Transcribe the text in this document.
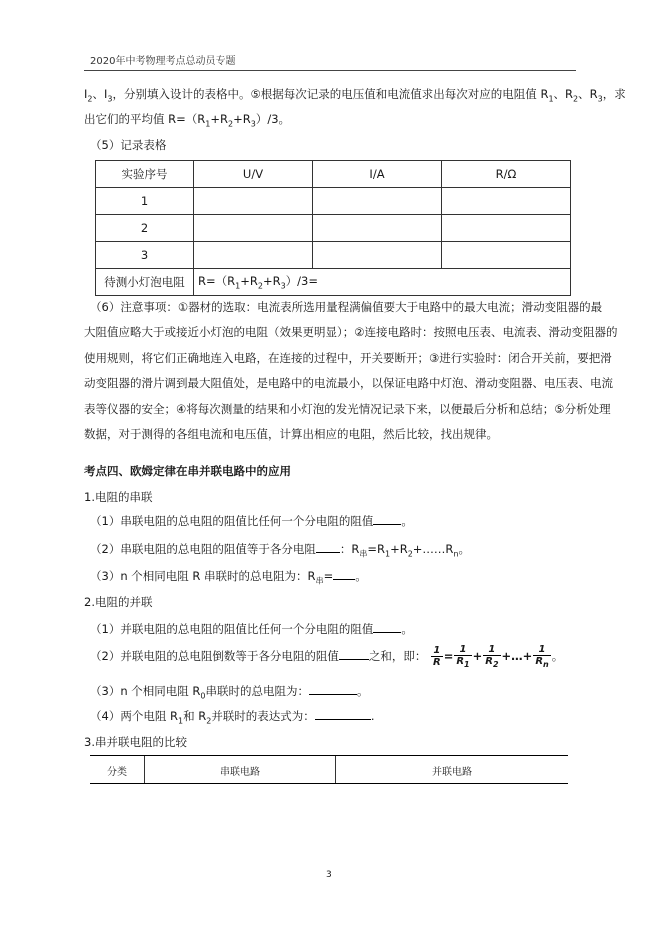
2020年中考物理考点总动员专题
$I_2$、$I_3$，分别填入设计的表格中。⑤根据每次记录的电压值和电流值求出每次对应的电阻值 $R_1$、$R_2$、$R_3$，求
出它们的平均值 $R=(R_1+R_2+R_3)/3$。
（5）记录表格
实验序号	U/V	I/A	R/Ω
1			
2			
3			
待测小灯泡电阻	$R=(R_1+R_2+R_3)/3=$		
（6）注意事项：①器材的选取：电流表所选用量程满偏值要大于电路中的最大电流；滑动变阻器的最
大阻值应略大于或接近小灯泡的电阻（效果更明显）；②连接电路时：按照电压表、电流表、滑动变阻器的
使用规则，将它们正确地连入电路，在连接的过程中，开关要断开；③进行实验时：闭合开关前，要把滑
动变阻器的滑片调到最大阻值处，是电路中的电流最小，以保证电路中灯泡、滑动变阻器、电压表、电流
表等仪器的安全；④将每次测量的结果和小灯泡的发光情况记录下来，以便最后分析和总结；⑤分析处理
数据，对于测得的各组电流和电压值，计算出相应的电阻，然后比较，找出规律。
考点四、欧姆定律在串并联电路中的应用
1.电阻的串联
（1）串联电阻的总电阻的阻值比任何一个分电阻的阻值 。
（2）串联电阻的总电阻的阻值等于各分电阻 ：$R_串=R_1+R_2+\dots\dots R_n$。
（3）n 个相同电阻 R 串联时的总电阻为：$R_串=$ 。
2.电阻的并联
（1）并联电阻的总电阻的阻值比任何一个分电阻的阻值 。
（2）并联电阻的总电阻倒数等于各分电阻的阻值	之和，即： $\frac{1}{R} = \frac{1}{R_1} + \frac{1}{R_2}$ +…+ $\frac{1}{R_n}$ 。
（3）n 个相同电阻 $R_0$串联时的总电阻为：	。
（4）两个电阻 $R_1$和 $R_2$并联时的表达式为：	.
3.串并联电阻的比较
分类	串联电路	并联电路
3
